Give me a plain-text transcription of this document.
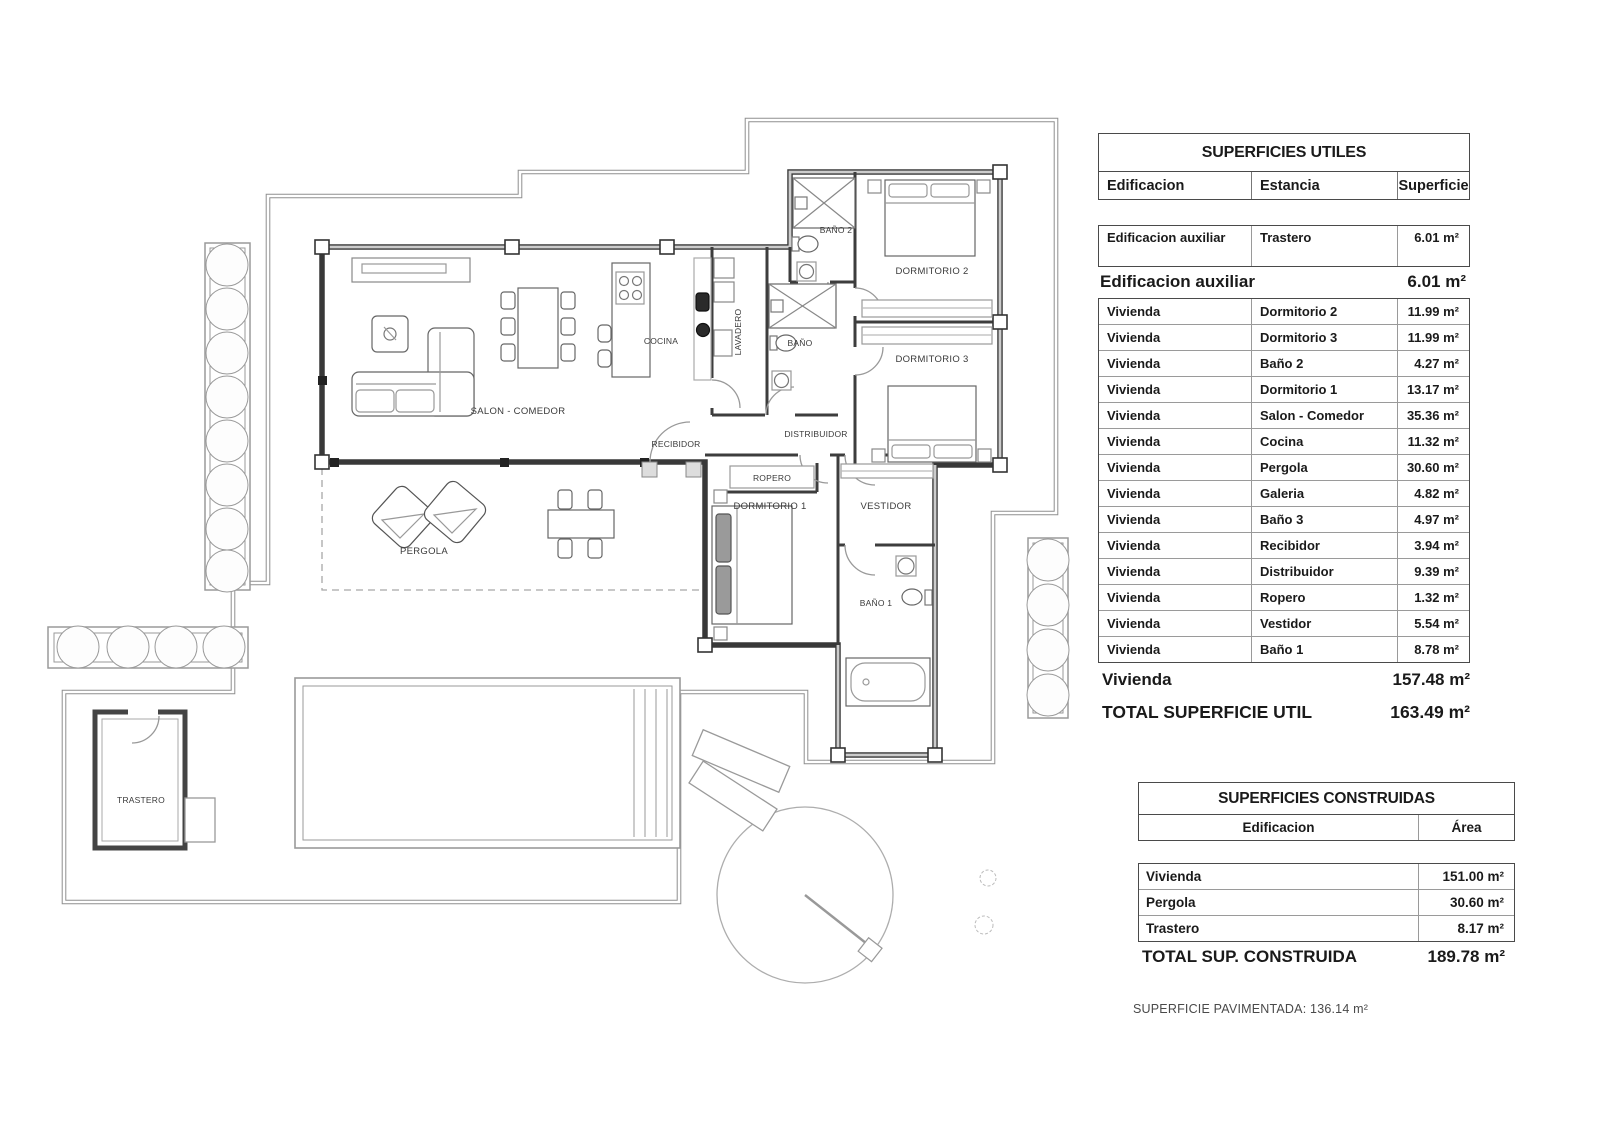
SALON - COMEDOR
COCINA	LAVADERO	BAÑO
BAÑO 2
DORMITORIO 2
DORMITORIO 3
RECIBIDOR
DISTRIBUIDOR
ROPERO
DORMITORIO 1	VESTIDOR
BAÑO 1
PERGOLA
TRASTERO
SUPERFICIES UTILES
Edificacion	Estancia	Superficie
Edificacion auxiliar	Trastero	6.01 m²
Edificacion auxiliar	6.01 m²
Vivienda	Dormitorio 2	11.99 m²
Vivienda	Dormitorio 3	11.99 m²
Vivienda	Baño 2	4.27 m²
Vivienda	Dormitorio 1	13.17 m²
Vivienda	Salon - Comedor	35.36 m²
Vivienda	Cocina	11.32 m²
Vivienda	Pergola	30.60 m²
Vivienda	Galeria	4.82 m²
Vivienda	Baño 3	4.97 m²
Vivienda	Recibidor	3.94 m²
Vivienda	Distribuidor	9.39 m²
Vivienda	Ropero	1.32 m²
Vivienda	Vestidor	5.54 m²
Vivienda	Baño 1	8.78 m²
Vivienda	157.48 m²
TOTAL SUPERFICIE UTIL	163.49 m²
SUPERFICIES CONSTRUIDAS
Edificacion	Área
Vivienda	151.00 m²
Pergola	30.60 m²
Trastero	8.17 m²
TOTAL SUP. CONSTRUIDA	189.78 m²
SUPERFICIE PAVIMENTADA: 136.14 m²
